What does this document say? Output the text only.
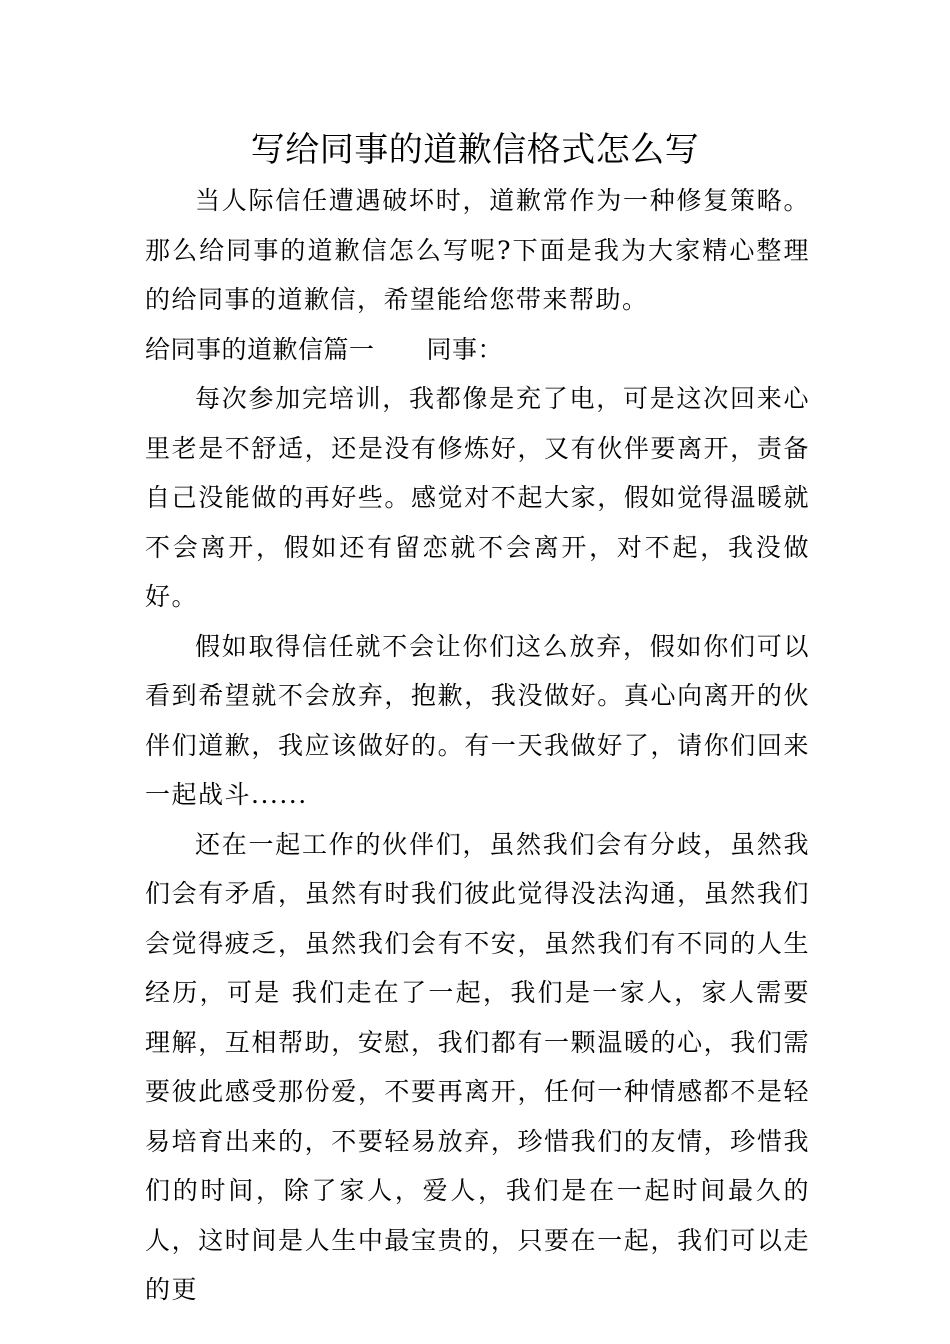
写给同事的道歉信格式怎么写

当人际信任遭遇破坏时，道歉常作为一种修复策略。那么给同事的道歉信怎么写呢?下面是我为大家精心整理的给同事的道歉信，希望能给您带来帮助。

给同事的道歉信篇一 同事：

每次参加完培训，我都像是充了电，可是这次回来心里老是不舒适，还是没有修炼好，又有伙伴要离开，责备自己没能做的再好些。感觉对不起大家，假如觉得温暖就不会离开，假如还有留恋就不会离开，对不起，我没做好。

假如取得信任就不会让你们这么放弃，假如你们可以看到希望就不会放弃，抱歉，我没做好。真心向离开的伙伴们道歉，我应该做好的。有一天我做好了，请你们回来一起战斗......

还在一起工作的伙伴们，虽然我们会有分歧，虽然我们会有矛盾，虽然有时我们彼此觉得没法沟通，虽然我们会觉得疲乏，虽然我们会有不安，虽然我们有不同的人生经历，可是 我们走在了一起，我们是一家人，家人需要理解，互相帮助，安慰，我们都有一颗温暖的心，我们需要彼此感受那份爱，不要再离开，任何一种情感都不是轻易培育出来的，不要轻易放弃，珍惜我们的友情，珍惜我们的时间，除了家人，爱人，我们是在一起时间最久的人，这时间是人生中最宝贵的，只要在一起，我们可以走的更
